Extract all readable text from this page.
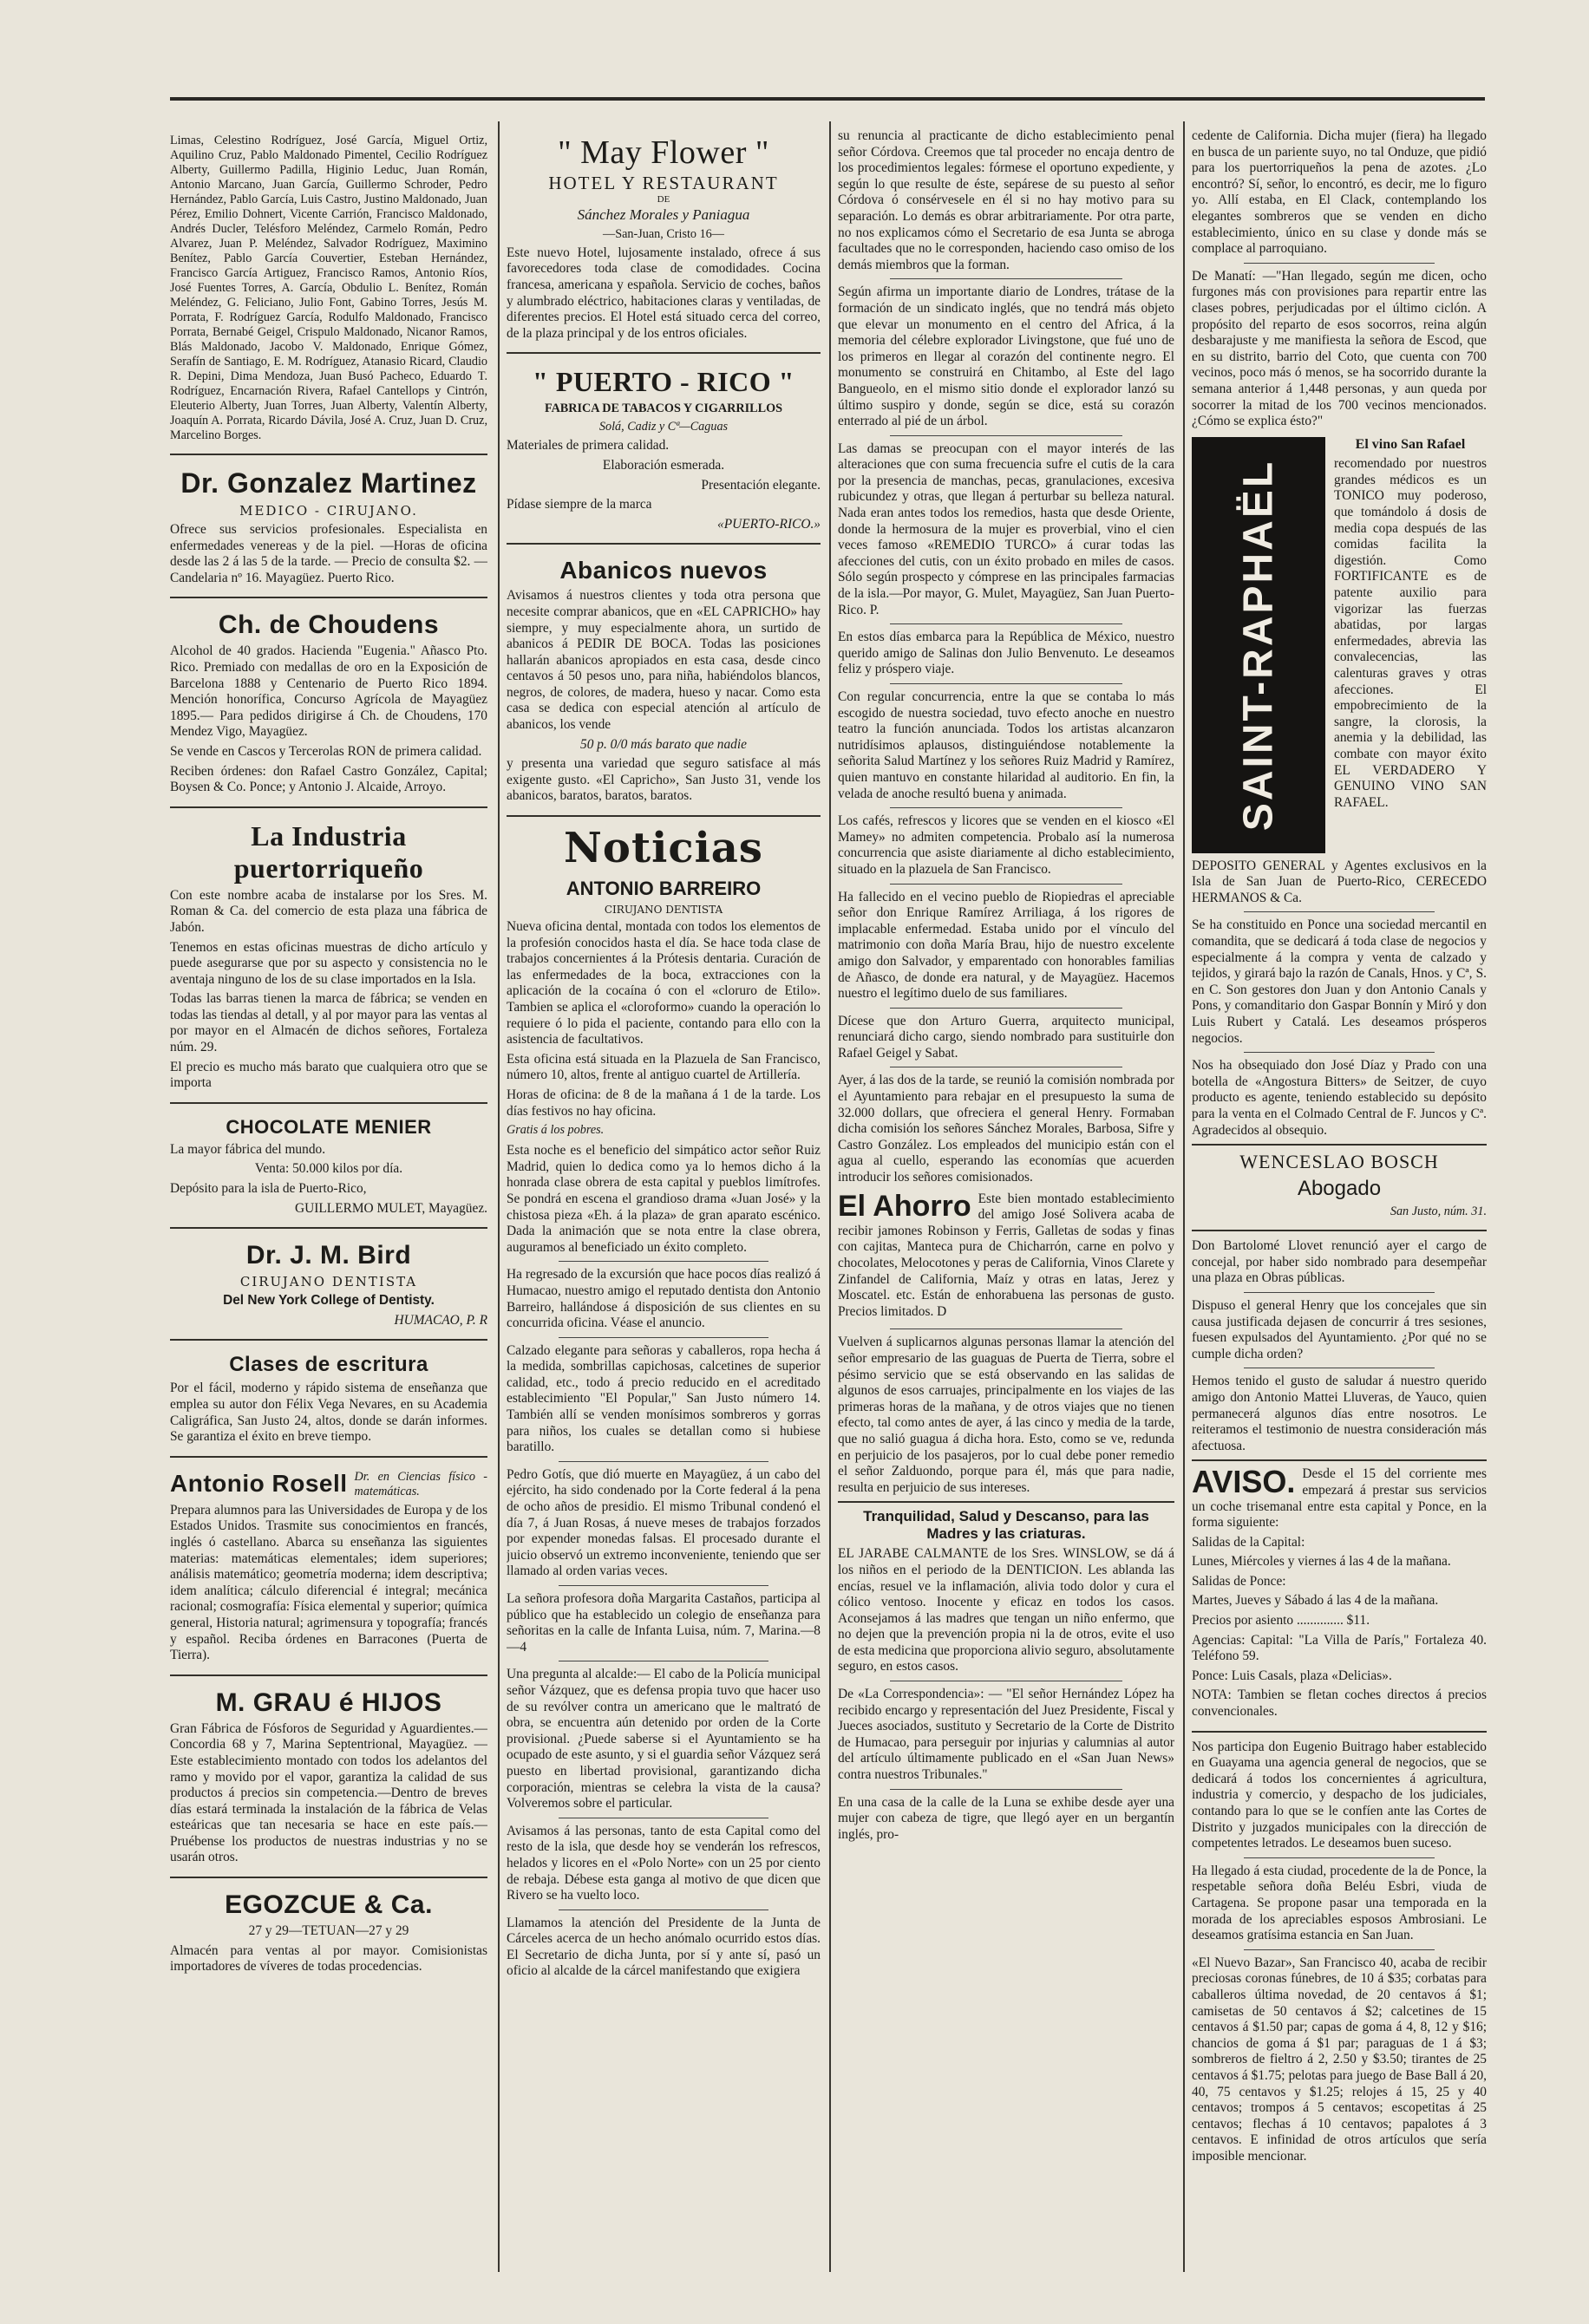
Limas, Celestino Rodríguez, José García, Miguel Ortiz, Aquilino Cruz, Pablo Maldonado Pimentel, Cecilio Rodríguez Alberty, Guillermo Padilla, Higinio Leduc, Juan Román, Antonio Marcano, Juan García, Guillermo Schroder, Pedro Hernández, Pablo García, Luis Castro, Justino Maldonado, Juan Pérez, Emilio Dohnert, Vicente Carrión, Francisco Maldonado, Andrés Ducler, Telésforo Meléndez, Carmelo Román, Pedro Alvarez, Juan P. Meléndez, Salvador Rodríguez, Maximino Benítez, Pablo García Couvertier, Esteban Hernández, Francisco García Artiguez, Francisco Ramos, Antonio Ríos, José Fuentes Torres, A. García, Obdulio L. Benítez, Román Meléndez, G. Feliciano, Julio Font, Gabino Torres, Jesús M. Porrata, F. Rodríguez García, Rodulfo Maldonado, Francisco Porrata, Bernabé Geigel, Crispulo Maldonado, Nicanor Ramos, Blás Maldonado, Jacobo V. Maldonado, Enrique Gómez, Serafín de Santiago, E. M. Rodríguez, Atanasio Ricard, Claudio R. Depini, Dima Mendoza, Juan Busó Pacheco, Eduardo T. Rodríguez, Encarnación Rivera, Rafael Cantellops y Cintrón, Eleuterio Alberty, Juan Torres, Juan Alberty, Valentín Alberty, Joaquín A. Porrata, Ricardo Dávila, José A. Cruz, Juan D. Cruz, Marcelino Borges.

Dr. Gonzalez Martinez
MEDICO - CIRUJANO.

Ofrece sus servicios profesionales. Especialista en enfermedades venereas y de la piel. —Horas de oficina desde las 2 á las 5 de la tarde. — Precio de consulta $2. — Candelaria nº 16. Mayagüez. Puerto Rico.

Ch. de Choudens

Alcohol de 40 grados. Hacienda "Eugenia." Añasco Pto. Rico. Premiado con medallas de oro en la Exposición de Barcelona 1888 y Centenario de Puerto Rico 1894. Mención honorífica, Concurso Agrícola de Mayagüez 1895.— Para pedidos dirigirse á Ch. de Choudens, 170 Mendez Vigo, Mayagüez.

Se vende en Cascos y Tercerolas RON de primera calidad.

Reciben órdenes: don Rafael Castro González, Capital; Boysen & Co. Ponce; y Antonio J. Alcaide, Arroyo.

La Industria puertorriqueño

Con este nombre acaba de instalarse por los Sres. M. Roman & Ca. del comercio de esta plaza una fábrica de Jabón.

Tenemos en estas oficinas muestras de dicho artículo y puede asegurarse que por su aspecto y consistencia no le aventaja ninguno de los de su clase importados en la Isla.

Todas las barras tienen la marca de fábrica; se venden en todas las tiendas al detall, y al por mayor para las ventas al por mayor en el Almacén de dichos señores, Fortaleza núm. 29.

El precio es mucho más barato que cualquiera otro que se importa

CHOCOLATE MENIER

La mayor fábrica del mundo.

Venta: 50.000 kilos por día.

Depósito para la isla de Puerto-Rico,

GUILLERMO MULET, Mayagüez.

Dr. J. M. Bird
CIRUJANO DENTISTA

Del New York College of Dentisty.

HUMACAO, P. R

Clases de escritura

Por el fácil, moderno y rápido sistema de enseñanza que emplea su autor don Félix Vega Nevares, en su Academia Caligráfica, San Justo 24, altos, donde se darán informes. Se garantiza el éxito en breve tiempo.

Antonio Rosell Dr. en Ciencias físico - matemáticas.

Prepara alumnos para las Universidades de Europa y de los Estados Unidos. Trasmite sus conocimientos en francés, inglés ó castellano. Abarca su enseñanza las siguientes materias: matemáticas elementales; idem superiores; análisis matemático; geometría moderna; idem descriptiva; idem analítica; cálculo diferencial é integral; mecánica racional; cosmografía: Física elemental y superior; química general, Historia natural; agrimensura y topografía; francés y español. Reciba órdenes en Barracones (Puerta de Tierra).

M. GRAU é HIJOS

Gran Fábrica de Fósforos de Seguridad y Aguardientes.—Concordia 68 y 7, Marina Septentrional, Mayagüez. — Este establecimiento montado con todos los adelantos del ramo y movido por el vapor, garantiza la calidad de sus productos á precios sin competencia.—Dentro de breves días estará terminada la instalación de la fábrica de Velas esteáricas que tan necesaria se hace en este país.—Pruébense los productos de nuestras industrias y no se usarán otros.

EGOZCUE & Ca.

27 y 29—TETUAN—27 y 29

Almacén para ventas al por mayor. Comisionistas importadores de víveres de todas procedencias.

" May Flower "

HOTEL Y RESTAURANT

DE

Sánchez Morales y Paniagua

—San-Juan, Cristo 16—

Este nuevo Hotel, lujosamente instalado, ofrece á sus favorecedores toda clase de comodidades. Cocina francesa, americana y española. Servicio de coches, baños y alumbrado eléctrico, habitaciones claras y ventiladas, de diferentes precios. El Hotel está situado cerca del correo, de la plaza principal y de los entros oficiales.

" PUERTO - RICO "

FABRICA DE TABACOS Y CIGARRILLOS

Solá, Cadiz y Cª—Caguas

Materiales de primera calidad.

Elaboración esmerada.

Presentación elegante.

Pídase siempre de la marca

«PUERTO-RICO.»

Abanicos nuevos

Avisamos á nuestros clientes y toda otra persona que necesite comprar abanicos, que en «EL CAPRICHO» hay siempre, y muy especialmente ahora, un surtido de abanicos á PEDIR DE BOCA. Todas las posiciones hallarán abanicos apropiados en esta casa, desde cinco centavos á 50 pesos uno, para niña, habiéndolos blancos, negros, de colores, de madera, hueso y nacar. Como esta casa se dedica con especial atención al artículo de abanicos, los vende

50 p. 0/0 más barato que nadie

y presenta una variedad que seguro satisface al más exigente gusto. «El Capricho», San Justo 31, vende los abanicos, baratos, baratos, baratos.

Noticias
ANTONIO BARREIRO
CIRUJANO DENTISTA

Nueva oficina dental, montada con todos los elementos de la profesión conocidos hasta el día. Se hace toda clase de trabajos concernientes á la Prótesis dentaria. Curación de las enfermedades de la boca, extracciones con la aplicación de la cocaína ó con el «cloruro de Etilo». Tambien se aplica el «cloroformo» cuando la operación lo requiere ó lo pida el paciente, contando para ello con la asistencia de facultativos.

Esta oficina está situada en la Plazuela de San Francisco, número 10, altos, frente al antiguo cuartel de Artillería.

Horas de oficina: de 8 de la mañana á 1 de la tarde. Los días festivos no hay oficina.

Gratis á los pobres.

Esta noche es el beneficio del simpático actor señor Ruiz Madrid, quien lo dedica como ya lo hemos dicho á la honrada clase obrera de esta capital y pueblos limítrofes. Se pondrá en escena el grandioso drama «Juan José» y la chistosa pieza «Eh. á la plaza» de gran aparato escénico. Dada la animación que se nota entre la clase obrera, auguramos al beneficiado un éxito completo.

Ha regresado de la excursión que hace pocos días realizó á Humacao, nuestro amigo el reputado dentista don Antonio Barreiro, hallándose á disposición de sus clientes en su concurrida oficina. Véase el anuncio.

Calzado elegante para señoras y caballeros, ropa hecha á la medida, sombrillas capichosas, calcetines de superior calidad, etc., todo á precio reducido en el acreditado establecimiento "El Popular," San Justo número 14. También allí se venden monísimos sombreros y gorras para niños, los cuales se detallan como si hubiese baratillo.

Pedro Gotís, que dió muerte en Mayagüez, á un cabo del ejército, ha sido condenado por la Corte federal á la pena de ocho años de presidio. El mismo Tribunal condenó el día 7, á Juan Rosas, á nueve meses de trabajos forzados por expender monedas falsas. El procesado durante el juicio observó un extremo inconveniente, teniendo que ser llamado al orden varias veces.

La señora profesora doña Margarita Castaños, participa al público que ha establecido un colegio de enseñanza para señoritas en la calle de Infanta Luisa, núm. 7, Marina.—8—4

Una pregunta al alcalde:— El cabo de la Policía municipal señor Vázquez, que es defensa propia tuvo que hacer uso de su revólver contra un americano que le maltrató de obra, se encuentra aún detenido por orden de la Corte provisional. ¿Puede saberse si el Ayuntamiento se ha ocupado de este asunto, y si el guardia señor Vázquez será puesto en libertad provisional, garantizando dicha corporación, mientras se celebra la vista de la causa? Volveremos sobre el particular.

Avisamos á las personas, tanto de esta Capital como del resto de la isla, que desde hoy se venderán los refrescos, helados y licores en el «Polo Norte» con un 25 por ciento de rebaja. Débese esta ganga al motivo de que dicen que Rivero se ha vuelto loco.

Llamamos la atención del Presidente de la Junta de Cárceles acerca de un hecho anómalo ocurrido estos días. El Secretario de dicha Junta, por sí y ante sí, pasó un oficio al alcalde de la cárcel manifestando que exigiera

su renuncia al practicante de dicho establecimiento penal señor Córdova. Creemos que tal proceder no encaja dentro de los procedimientos legales: fórmese el oportuno expediente, y según lo que resulte de éste, sepárese de su puesto al señor Córdova ó consérvesele en él si no hay motivo para su separación. Lo demás es obrar arbitrariamente. Por otra parte, no nos explicamos cómo el Secretario de esa Junta se abroga facultades que no le corresponden, haciendo caso omiso de los demás miembros que la forman.

Según afirma un importante diario de Londres, trátase de la formación de un sindicato inglés, que no tendrá más objeto que elevar un monumento en el centro del Africa, á la memoria del célebre explorador Livingstone, que fué uno de los primeros en llegar al corazón del continente negro. El monumento se construirá en Chitambo, al Este del lago Bangueolo, en el mismo sitio donde el explorador lanzó su último suspiro y donde, según se dice, está su corazón enterrado al pié de un árbol.

Las damas se preocupan con el mayor interés de las alteraciones que con suma frecuencia sufre el cutis de la cara por la presencia de manchas, pecas, granulaciones, excesiva rubicundez y otras, que llegan á perturbar su belleza natural. Nada eran antes todos los remedios, hasta que desde Oriente, donde la hermosura de la mujer es proverbial, vino el cien veces famoso «REMEDIO TURCO» á curar todas las afecciones del cutis, con un éxito probado en miles de casos. Sólo según prospecto y cómprese en las principales farmacias de la isla.—Por mayor, G. Mulet, Mayagüez, San Juan Puerto-Rico. P.

En estos días embarca para la República de México, nuestro querido amigo de Salinas don Julio Benvenuto. Le deseamos feliz y próspero viaje.

Con regular concurrencia, entre la que se contaba lo más escogido de nuestra sociedad, tuvo efecto anoche en nuestro teatro la función anunciada. Todos los artistas alcanzaron nutridísimos aplausos, distinguiéndose notablemente la señorita Salud Martínez y los señores Ruiz Madrid y Ramírez, quien mantuvo en constante hilaridad al auditorio. En fin, la velada de anoche resultó buena y animada.

Los cafés, refrescos y licores que se venden en el kiosco «El Mamey» no admiten competencia. Probalo así la numerosa concurrencia que asiste diariamente al dicho establecimiento, situado en la plazuela de San Francisco.

Ha fallecido en el vecino pueblo de Riopiedras el apreciable señor don Enrique Ramírez Arriliaga, á los rigores de implacable enfermedad. Estaba unido por el vínculo del matrimonio con doña María Brau, hijo de nuestro excelente amigo don Salvador, y emparentado con honorables familias de Añasco, de donde era natural, y de Mayagüez. Hacemos nuestro el legítimo duelo de sus familiares.

Dícese que don Arturo Guerra, arquitecto municipal, renunciará dicho cargo, siendo nombrado para sustituirle don Rafael Geigel y Sabat.

Ayer, á las dos de la tarde, se reunió la comisión nombrada por el Ayuntamiento para rebajar en el presupuesto la suma de 32.000 dollars, que ofreciera el general Henry. Formaban dicha comisión los señores Sánchez Morales, Barbosa, Sifre y Castro González. Los empleados del municipio están con el agua al cuello, esperando las economías que acuerden introducir los señores comisionados.

El Ahorro Este bien montado establecimiento del amigo José Solivera acaba de recibir jamones Robinson y Ferris, Galletas de sodas y finas con cajitas, Manteca pura de Chicharrón, carne en polvo y chocolates, Melocotones y peras de California, Vinos Clarete y Zinfandel de California, Maíz y otras en latas, Jerez y Moscatel. etc. Están de enhorabuena las personas de gusto. Precios limitados. D

Vuelven á suplicarnos algunas personas llamar la atención del señor empresario de las guaguas de Puerta de Tierra, sobre el pésimo servicio que se está observando en las salidas de algunos de esos carruajes, principalmente en los viajes de las primeras horas de la mañana, y de otros viajes que no tienen efecto, tal como antes de ayer, á las cinco y media de la tarde, que no salió guagua á dicha hora. Esto, como se ve, redunda en perjuicio de los pasajeros, por lo cual debe poner remedio el señor Zalduondo, porque para él, más que para nadie, resulta en perjuicio de sus intereses.

Tranquilidad, Salud y Descanso, para las Madres y las criaturas.

EL JARABE CALMANTE de los Sres. WINSLOW, se dá á los niños en el periodo de la DENTICION. Les ablanda las encías, resuel ve la inflamación, alivia todo dolor y cura el cólico ventoso. Inocente y eficaz en todos los casos. Aconsejamos á las madres que tengan un niño enfermo, que no dejen que la prevención propia ni la de otros, evite el uso de esta medicina que proporciona alivio seguro, absolutamente seguro, en estos casos.

De «La Correspondencia»: — "El señor Hernández López ha recibido encargo y representación del Juez Presidente, Fiscal y Jueces asociados, sustituto y Secretario de la Corte de Distrito de Humacao, para perseguir por injurias y calumnias al autor del artículo últimamente publicado en el «San Juan News» contra nuestros Tribunales."

En una casa de la calle de la Luna se exhibe desde ayer una mujer con cabeza de tigre, que llegó ayer en un bergantín inglés, pro-

cedente de California. Dicha mujer (fiera) ha llegado en busca de un pariente suyo, no tal Onduze, que pidió para los puertorriqueños la pena de azotes. ¿Lo encontró? Sí, señor, lo encontró, es decir, me lo figuro yo. Allí estaba, en El Clack, contemplando los elegantes sombreros que se venden en dicho establecimiento, único en su clase y donde más se complace al parroquiano.

De Manatí: —"Han llegado, según me dicen, ocho furgones más con provisiones para repartir entre las clases pobres, perjudicadas por el último ciclón. A propósito del reparto de esos socorros, reina algún desbarajuste y me manifiesta la señora de Escod, que en su distrito, barrio del Coto, que cuenta con 700 vecinos, poco más ó menos, se ha socorrido durante la semana anterior á 1,448 personas, y aun queda por socorrer la mitad de los 700 vecinos mencionados. ¿Cómo se explica ésto?"

SAINT-RAPHAËL

El vino San Rafael

recomendado por nuestros grandes médicos es un TONICO muy poderoso, que tomándolo á dosis de media copa después de las comidas facilita la digestión. Como FORTIFICANTE es de patente auxilio para vigorizar las fuerzas abatidas, por largas enfermedades, abrevia las convalecencias, las calenturas graves y otras afecciones. El empobrecimiento de la sangre, la clorosis, la anemia y la debilidad, las combate con mayor éxito EL VERDADERO Y GENUINO VINO SAN RAFAEL.

DEPOSITO GENERAL y Agentes exclusivos en la Isla de San Juan de Puerto-Rico, CERECEDO HERMANOS & Ca.

Se ha constituido en Ponce una sociedad mercantil en comandita, que se dedicará á toda clase de negocios y especialmente á la compra y venta de calzado y tejidos, y girará bajo la razón de Canals, Hnos. y Cª, S. en C. Son gestores don Juan y don Antonio Canals y Pons, y comanditario don Gaspar Bonnín y Miró y don Luis Rubert y Catalá. Les deseamos prósperos negocios.

Nos ha obsequiado don José Díaz y Prado con una botella de «Angostura Bitters» de Seitzer, de cuyo producto es agente, teniendo establecido su depósito para la venta en el Colmado Central de F. Juncos y Cª. Agradecidos al obsequio.

WENCESLAO BOSCH

Abogado

San Justo, núm. 31.

Don Bartolomé Llovet renunció ayer el cargo de concejal, por haber sido nombrado para desempeñar una plaza en Obras públicas.

Dispuso el general Henry que los concejales que sin causa justificada dejasen de concurrir á tres sesiones, fuesen expulsados del Ayuntamiento. ¿Por qué no se cumple dicha orden?

Hemos tenido el gusto de saludar á nuestro querido amigo don Antonio Mattei Lluveras, de Yauco, quien permanecerá algunos días entre nosotros. Le reiteramos el testimonio de nuestra consideración más afectuosa.

AVISO. Desde el 15 del corriente mes empezará á prestar sus servicios un coche trisemanal entre esta capital y Ponce, en la forma siguiente:

Salidas de la Capital:

Lunes, Miércoles y viernes á las 4 de la mañana.

Salidas de Ponce:

Martes, Jueves y Sábado á las 4 de la mañana.

Precios por asiento .............. $11.

Agencias: Capital: "La Villa de París," Fortaleza 40. Teléfono 59.

Ponce: Luis Casals, plaza «Delicias».

NOTA: Tambien se fletan coches directos á precios convencionales.

Nos participa don Eugenio Buitrago haber establecido en Guayama una agencia general de negocios, que se dedicará á todos los concernientes á agricultura, industria y comercio, y despacho de los judiciales, contando para lo que se le confíen ante las Cortes de Distrito y juzgados municipales con la dirección de competentes letrados. Le deseamos buen suceso.

Ha llegado á esta ciudad, procedente de la de Ponce, la respetable señora doña Beléu Esbri, viuda de Cartagena. Se propone pasar una temporada en la morada de los apreciables esposos Ambrosiani. Le deseamos gratísima estancia en San Juan.

«El Nuevo Bazar», San Francisco 40, acaba de recibir preciosas coronas fúnebres, de 10 á $35; corbatas para caballeros última novedad, de 20 centavos á $1; camisetas de 50 centavos á $2; calcetines de 15 centavos á $1.50 par; capas de goma á 4, 8, 12 y $16; chancios de goma á $1 par; paraguas de 1 á $3; sombreros de fieltro á 2, 2.50 y $3.50; tirantes de 25 centavos á $1.75; pelotas para juego de Base Ball á 20, 40, 75 centavos y $1.25; relojes á 15, 25 y 40 centavos; trompos á 5 centavos; escopetitas á 25 centavos; flechas á 10 centavos; papalotes á 3 centavos. E infinidad de otros artículos que sería imposible mencionar.
